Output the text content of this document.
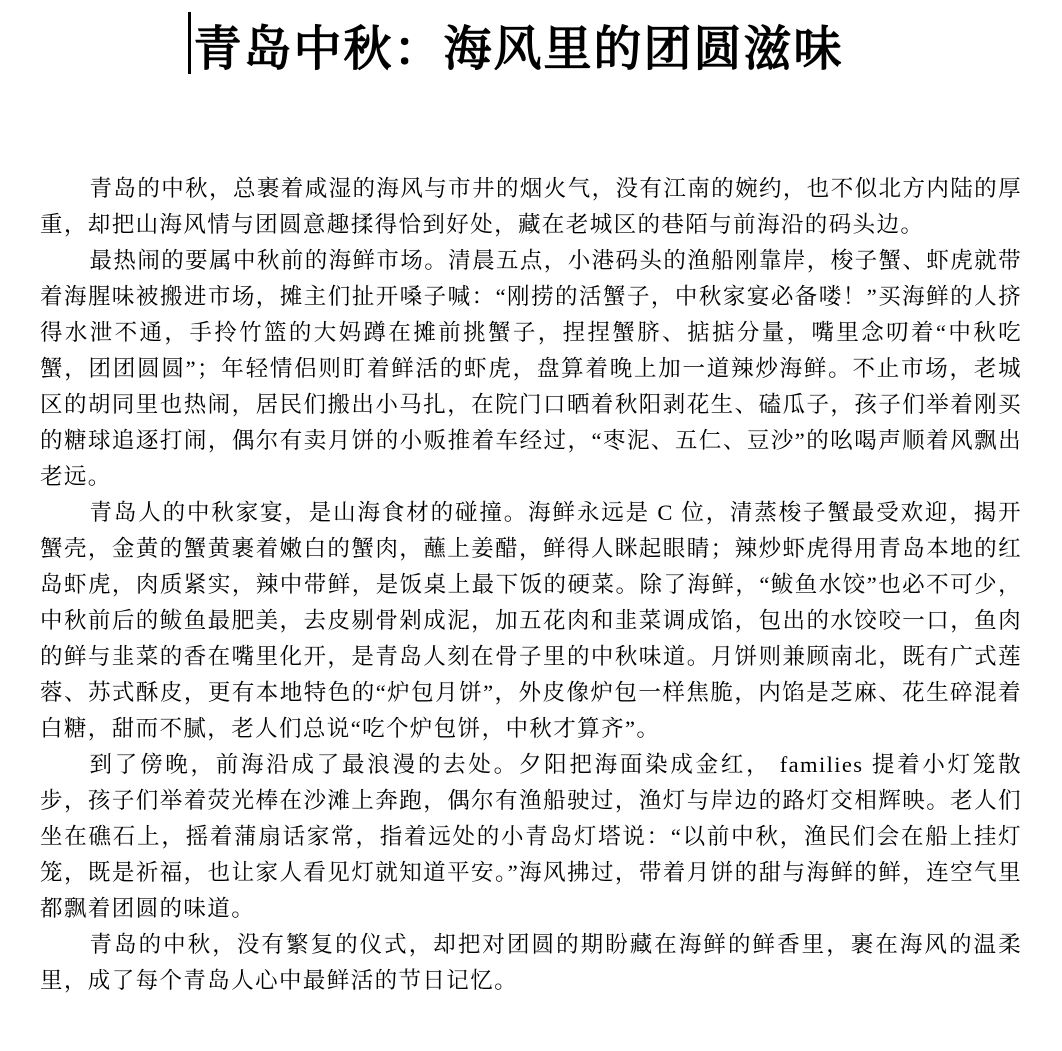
青岛中秋：海风里的团圆滋味

青岛的中秋，总裹着咸湿的海风与市井的烟火气，没有江南的婉约，也不似北方内陆的厚重，却把山海风情与团圆意趣揉得恰到好处，藏在老城区的巷陌与前海沿的码头边。

最热闹的要属中秋前的海鲜市场。清晨五点，小港码头的渔船刚靠岸，梭子蟹、虾虎就带着海腥味被搬进市场，摊主们扯开嗓子喊：“刚捞的活蟹子，中秋家宴必备喽！”买海鲜的人挤得水泄不通，手拎竹篮的大妈蹲在摊前挑蟹子，捏捏蟹脐、掂掂分量，嘴里念叨着“中秋吃蟹，团团圆圆”；年轻情侣则盯着鲜活的虾虎，盘算着晚上加一道辣炒海鲜。不止市场，老城区的胡同里也热闹，居民们搬出小马扎，在院门口晒着秋阳剥花生、磕瓜子，孩子们举着刚买的糖球追逐打闹，偶尔有卖月饼的小贩推着车经过，“枣泥、五仁、豆沙”的吆喝声顺着风飘出老远。

青岛人的中秋家宴，是山海食材的碰撞。海鲜永远是 C 位，清蒸梭子蟹最受欢迎，揭开蟹壳，金黄的蟹黄裹着嫩白的蟹肉，蘸上姜醋，鲜得人眯起眼睛；辣炒虾虎得用青岛本地的红岛虾虎，肉质紧实，辣中带鲜，是饭桌上最下饭的硬菜。除了海鲜，“鲅鱼水饺”也必不可少，中秋前后的鲅鱼最肥美，去皮剔骨剁成泥，加五花肉和韭菜调成馅，包出的水饺咬一口，鱼肉的鲜与韭菜的香在嘴里化开，是青岛人刻在骨子里的中秋味道。月饼则兼顾南北，既有广式莲蓉、苏式酥皮，更有本地特色的“炉包月饼”，外皮像炉包一样焦脆，内馅是芝麻、花生碎混着白糖，甜而不腻，老人们总说“吃个炉包饼，中秋才算齐”。

到了傍晚，前海沿成了最浪漫的去处。夕阳把海面染成金红， families 提着小灯笼散步，孩子们举着荧光棒在沙滩上奔跑，偶尔有渔船驶过，渔灯与岸边的路灯交相辉映。老人们坐在礁石上，摇着蒲扇话家常，指着远处的小青岛灯塔说：“以前中秋，渔民们会在船上挂灯笼，既是祈福，也让家人看见灯就知道平安。”海风拂过，带着月饼的甜与海鲜的鲜，连空气里都飘着团圆的味道。

青岛的中秋，没有繁复的仪式，却把对团圆的期盼藏在海鲜的鲜香里，裹在海风的温柔里，成了每个青岛人心中最鲜活的节日记忆。
